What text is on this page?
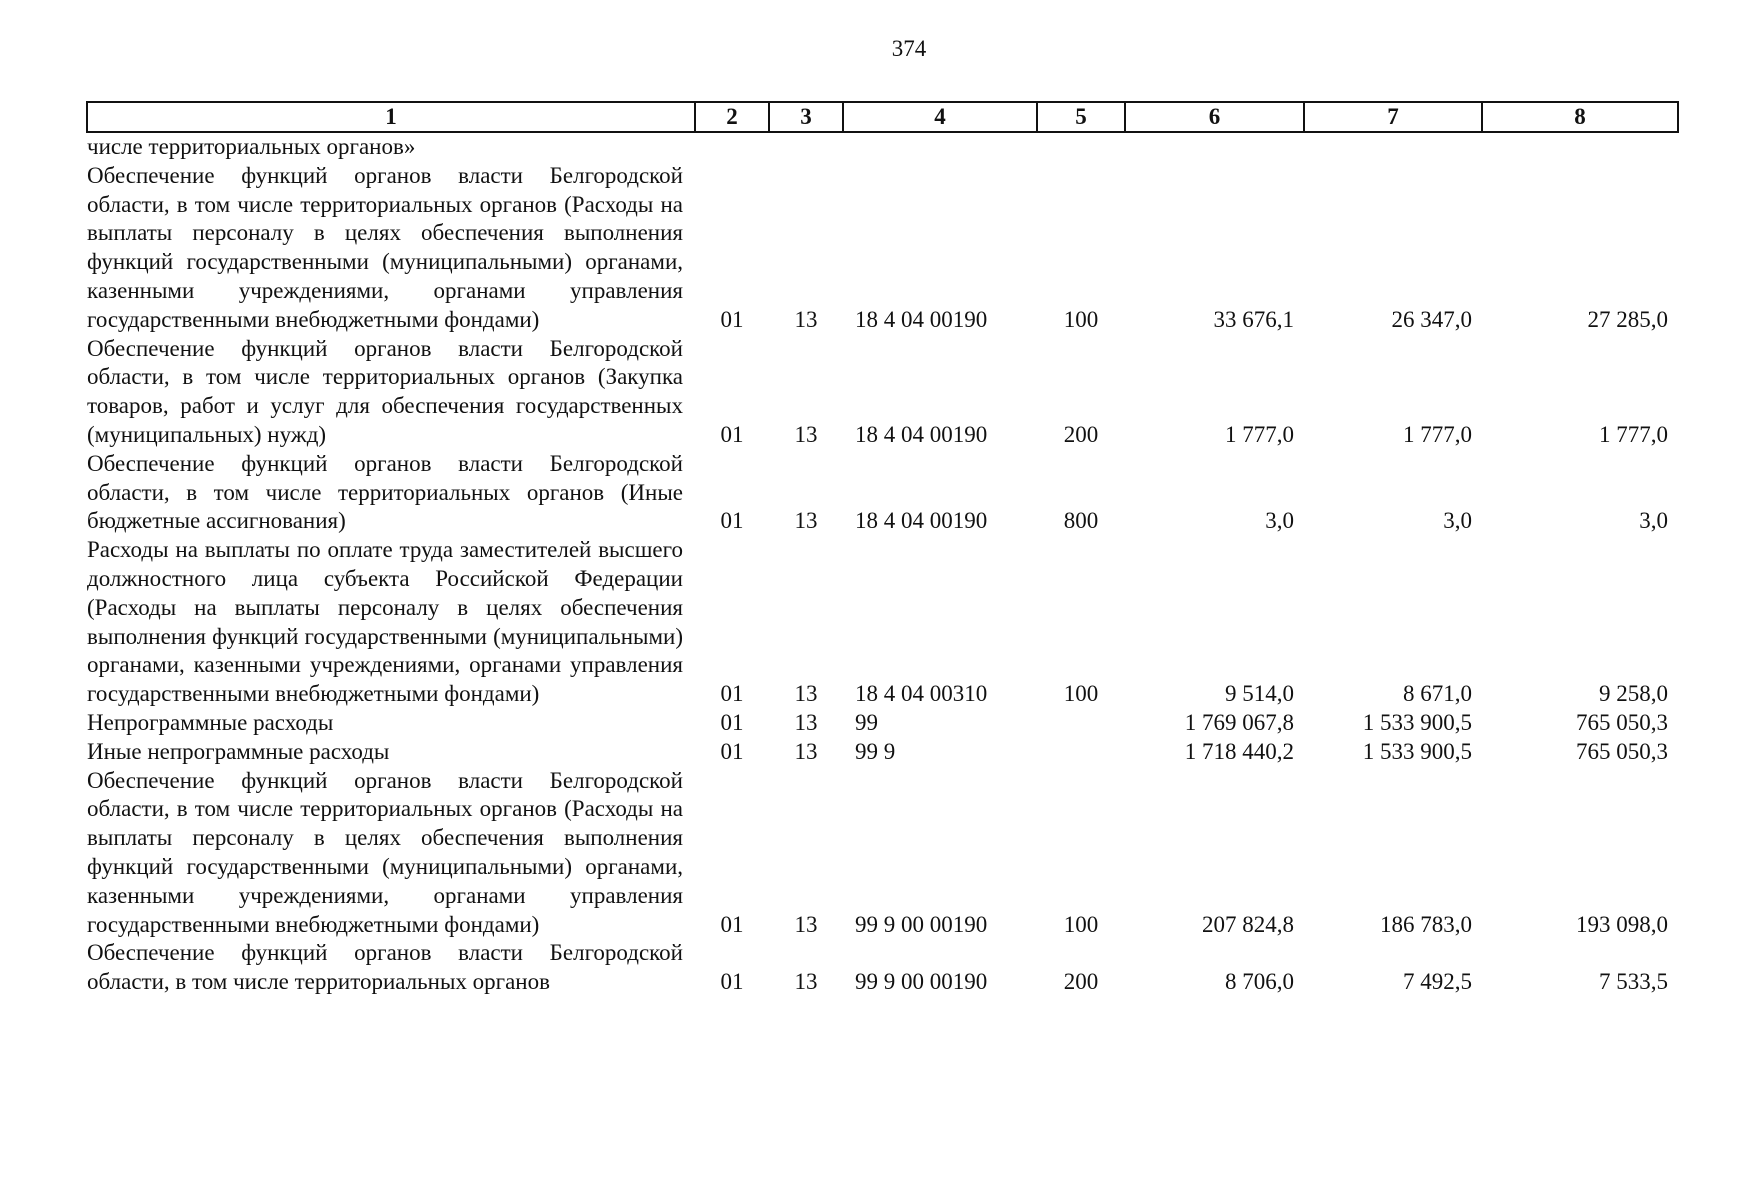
374
1	2	3	4	5	6	7	8
числе территориальных органов»							
Обеспечение функций органов власти Белгородской области, в том числе территориальных органов (Расходы на выплаты персоналу в целях обеспечения выполнения функций государственными (муниципальными) органами, казенными учреждениями, органами управления государственными внебюджетными фондами)	01	13	18 4 04 00190	100	33 676,1	26 347,0	27 285,0
Обеспечение функций органов власти Белгородской области, в том числе территориальных органов (Закупка товаров, работ и услуг для обеспечения государственных (муниципальных) нужд)	01	13	18 4 04 00190	200	1 777,0	1 777,0	1 777,0
Обеспечение функций органов власти Белгородской области, в том числе территориальных органов (Иные бюджетные ассигнования)	01	13	18 4 04 00190	800	3,0	3,0	3,0
Расходы на выплаты по оплате труда заместителей высшего должностного лица субъекта Российской Федерации (Расходы на выплаты персоналу в целях обеспечения выполнения функций государственными (муниципальными) органами, казенными учреждениями, органами управления государственными внебюджетными фондами)	01	13	18 4 04 00310	100	9 514,0	8 671,0	9 258,0
Непрограммные расходы	01	13	99		1 769 067,8	1 533 900,5	765 050,3
Иные непрограммные расходы	01	13	99 9		1 718 440,2	1 533 900,5	765 050,3
Обеспечение функций органов власти Белгородской области, в том числе территориальных органов (Расходы на выплаты персоналу в целях обеспечения выполнения функций государственными (муниципальными) органами, казенными учреждениями, органами управления государственными внебюджетными фондами)	01	13	99 9 00 00190	100	207 824,8	186 783,0	193 098,0
Обеспечение функций органов власти Белгородской области, в том числе территориальных органов	01	13	99 9 00 00190	200	8 706,0	7 492,5	7 533,5
